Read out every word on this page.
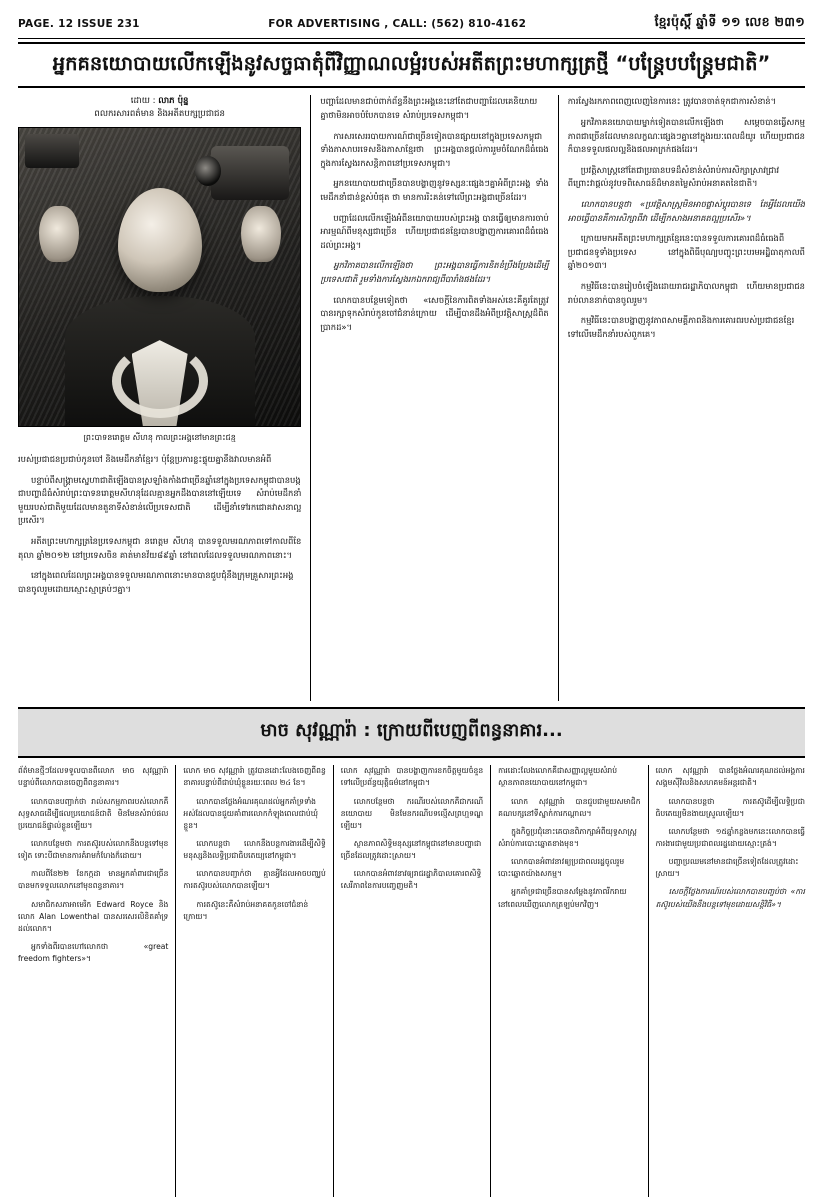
PAGE. 12 ISSUE 231	FOR ADVERTISING , CALL: (562) 810-4162	ខ្មែរប៉ុស្ដិ៍ ឆ្នាំទី ១១ លេខ ២៣១
អ្នកគនយោបាយលើកឡើងនូវសច្ចធាតុំពីវិញ្ញាណលម្អំរបស់អតីតព្រះមហាក្សត្រថ្មី “បន្រ្តែបបន្រ្តែមជាតិ”
ដោយ : លាភ ប៉ុន្ន
ពលករសារពត៌មាន និងអតីតបក្សប្រជាជន
ព្រះបាទនរោត្តម សីហនុ កាលព្រះអង្គនៅមានព្រះជន្ម

របស់ប្រជាជនប្រជាប់កូនចៅ និងមេដឹកនាំខ្មែរ។ ប៉ុន្តែប្រការខ្លះផ្ទុយគ្នានឹងវាលមានអំពី

បន្ទាប់ពីសង្គ្រាមស្នេហាជាតិឡើងបានស្រឡាំងកាំងជាច្រើនឆ្នាំនៅក្នុងប្រទេសកម្ពុជាបានបង្កជាបញ្ហាដ៏ធំសំរាប់ព្រះបាទនរោត្តមសីហនុដែលគ្មានអ្នកដឹងបាននៅឡើយទេ សំរាប់មេដឹកនាំមួយរបស់ជាតិមួយដែលមានតួនាទីសំខាន់លើប្រទេសជាតិ ដើម្បីនាំទៅរកជោគវាសនាល្អប្រសើរ។

អតីតព្រះមហាក្សត្រនៃប្រទេសកម្ពុជា នរោត្តម សីហនុ បានទទួលមរណភាពទៅកាលពីខែតុលា ឆ្នាំ២០១២ នៅប្រទេសចិន គាត់មានវ័យ៨៩ឆ្នាំ នៅពេលដែលទទួលមរណភាពនោះ។

នៅក្នុងពេលដែលព្រះអង្គបានទទួលមរណភាពនោះមានបានជួបជុំនឹងក្រុមគ្រួសារព្រះអង្គបានចូលរួមដោយស្មោះស្មាគ្រប់ៗគ្នា។

បញ្ហាដែលមានជាប់ពាក់ព័ន្ធនឹងព្រះអង្គនេះនៅតែជាបញ្ហាដែលគេនិយាយគ្នាថាមិនអាចបំបែកបានទេ សំរាប់ប្រទេសកម្ពុជា។

ការសរសេររបាយការណ៍ជាច្រើនទៀតបានផ្សាយនៅក្នុងប្រទេសកម្ពុជា ទាំងភាសាបរទេសនិងភាសាខ្មែរថា ព្រះអង្គបានផ្តល់ការរួមចំណែកដ៏ធំធេងក្នុងការស្វែងរកសន្តិភាពនៅប្រទេសកម្ពុជា។

អ្នកនយោបាយជាច្រើនបានបង្ហាញនូវទស្សនៈផ្សេងៗគ្នាអំពីព្រះអង្គ ទាំងមេដឹកនាំជាន់ខ្ពស់បំផុត ថា មានការរិះគន់ទៅលើព្រះអង្គជាច្រើនដែរ។

បញ្ហាដែលលើកឡើងអំពីនយោបាយរបស់ព្រះអង្គ បានធ្វើឲ្យមានការចាប់អារម្មណ៍ពីមនុស្សជាច្រើន ហើយប្រជាជនខ្មែរបានបង្ហាញការគោរពដ៏ធំធេងដល់ព្រះអង្គ។

អ្នកវិភាគបានលើកឡើងថា ព្រះអង្គបានធ្វើការខិតខំប្រឹងប្រែងដើម្បីប្រទេសជាតិ រួមទាំងការស្វែងរកឯករាជ្យពីបារាំងផងដែរ។

លោកបានបន្ថែមទៀតថា «សេចក្តីនៃការពិតទាំងអស់នេះគឺគួរតែត្រូវបានរក្សាទុកសំរាប់កូនចៅជំនាន់ក្រោយ ដើម្បីបានដឹងអំពីប្រវត្តិសាស្ត្រដ៏ពិតប្រាកដ»។

ការស្វែងរកភាពពេញលេញនៃការនេះ ត្រូវបានចាត់ទុកជាការសំខាន់។

អ្នកវិភាគនយោបាយម្នាក់ទៀតបានលើកឡើងថា សម្តេចបានធ្វើសកម្មភាពជាច្រើនដែលមានលក្ខណៈផ្សេងៗគ្នានៅក្នុងរយៈពេលដ៏យូរ ហើយប្រជាជនក៏បានទទួលផលល្អនិងផលអាក្រក់ផងដែរ។

ប្រវត្តិសាស្ត្រនៅតែជាប្រធានបទដ៏សំខាន់សំរាប់ការសិក្សាស្រាវជ្រាវ ពីព្រោះវាផ្តល់នូវបទពិសោធន៍ដ៏មានតម្លៃសំរាប់អនាគតនៃជាតិ។

លោកបានបន្តថា «ប្រវត្តិសាស្ត្រមិនអាចផ្លាស់ប្តូរបានទេ តែអ្វីដែលយើងអាចធ្វើបានគឺការសិក្សាពីវា ដើម្បីកសាងអនាគតល្អប្រសើរ»។

ក្រោយមកអតីតព្រះមហាក្សត្រខ្មែរនេះបានទទួលការគោរពដ៏ធំធេងពីប្រជាជនទូទាំងប្រទេស នៅក្នុងពិធីបុណ្យបញ្ចុះព្រះបរមអដ្ឋិធាតុកាលពីឆ្នាំ២០១៣។

កម្មវិធីនេះបានរៀបចំឡើងដោយរាជរដ្ឋាភិបាលកម្ពុជា ហើយមានប្រជាជនរាប់លាននាក់បានចូលរួម។

កម្មវិធីនេះបានបង្ហាញនូវភាពសាមគ្គីភាពនិងការគោរពរបស់ប្រជាជនខ្មែរទៅលើមេដឹកនាំរបស់ពួកគេ។

មាច សុវណ្ណារ៉ា : ក្រោយពីបេញពីពន្ធនាគារ...

ព័ត៌មានថ្មីៗដែលទទួលបានពីលោក មាច សុវណ្ណារ៉ា បន្ទាប់ពីលោកបានចេញពីពន្ធនាគារ។

លោកបានបញ្ជាក់ថា រាល់សកម្មភាពរបស់លោកគឺសុទ្ធសាធដើម្បីផលប្រយោជន៍ជាតិ មិនមែនសំរាប់ផលប្រយោជន៍ផ្ទាល់ខ្លួនឡើយ។

លោកបន្ថែមថា ការតស៊ូរបស់លោកនឹងបន្តទៅមុខទៀត ទោះបីជាមានការគំរាមកំហែងក៏ដោយ។

កាលពីខែ២២ ខែកក្កដា មានអ្នកគាំពារជាច្រើនបានមកទទួលលោកនៅមុខពន្ធនាគារ។

សមាជិកសភាអាមេរិក Edward Royce និងលោក Alan Lowenthal បានសរសេរលិខិតគាំទ្រដល់លោក។

អ្នកទាំងពីរបានហៅលោកថា «great freedom fighters»។

លោក មាច សុវណ្ណារ៉ា ត្រូវបានដោះលែងចេញពីពន្ធនាគារបន្ទាប់ពីជាប់ឃុំខ្លួនរយៈពេល ២៤ ខែ។

លោកបានថ្លែងអំណរគុណដល់អ្នកគាំទ្រទាំងអស់ដែលបានជួយគាំពារលោកកំឡុងពេលជាប់ឃុំខ្លួន។

លោកបន្តថា លោកនឹងបន្តការងារដើម្បីសិទ្ធិមនុស្សនិងលទ្ធិប្រជាធិបតេយ្យនៅកម្ពុជា។

លោកបានបញ្ជាក់ថា គ្មានអ្វីដែលអាចបញ្ឈប់ការតស៊ូរបស់លោកបានឡើយ។

ការតស៊ូនេះគឺសំរាប់អនាគតកូនចៅជំនាន់ក្រោយ។

លោក សុវណ្ណារ៉ា បានបង្ហាញការខកចិត្តមួយចំនួនទៅលើប្រព័ន្ធយុត្តិធម៌នៅកម្ពុជា។

លោកបន្ថែមថា ករណីរបស់លោកគឺជាករណីនយោបាយ មិនមែនករណីបទល្មើសព្រហ្មទណ្ឌឡើយ។

ស្ថានភាពសិទ្ធិមនុស្សនៅកម្ពុជានៅមានបញ្ហាជាច្រើនដែលត្រូវដោះស្រាយ។

លោកបានអំពាវនាវឲ្យរាជរដ្ឋាភិបាលគោរពសិទ្ធិសេរីភាពនៃការបញ្ចេញមតិ។

ការដោះលែងលោកគឺជាសញ្ញាល្អមួយសំរាប់ស្ថានភាពនយោបាយនៅកម្ពុជា។

លោក សុវណ្ណារ៉ា បានជួបជាមួយសមាជិកគណបក្សនៅទីស្នាក់ការកណ្តាល។

ក្នុងកិច្ចប្រជុំនោះគេបានពិភាក្សាអំពីយុទ្ធសាស្ត្រសំរាប់ការបោះឆ្នោតខាងមុខ។

លោកបានអំពាវនាវឲ្យប្រជាពលរដ្ឋចូលរួមបោះឆ្នោតយ៉ាងសកម្ម។

អ្នកគាំទ្រជាច្រើនបានសម្តែងនូវភាពរីករាយនៅពេលឃើញលោកត្រឡប់មកវិញ។

លោក សុវណ្ណារ៉ា បានថ្លែងអំណរគុណដល់អង្គការសង្គមស៊ីវិលនិងសហគមន៍អន្តរជាតិ។

លោកបានបន្តថា ការតស៊ូដើម្បីលទ្ធិប្រជាធិបតេយ្យមិនងាយស្រួលឡើយ។

លោកបន្ថែមថា ១៥ឆ្នាំកន្លងមកនេះលោកបានធ្វើការងារជាមួយប្រជាពលរដ្ឋដោយស្មោះត្រង់។

បញ្ហាប្រឈមនៅមានជាច្រើនទៀតដែលត្រូវដោះស្រាយ។

សេចក្តីថ្លែងការណ៍របស់លោកបានបញ្ចប់ថា «ការតស៊ូរបស់យើងនឹងបន្តទៅមុខដោយសន្តិវិធី»។
